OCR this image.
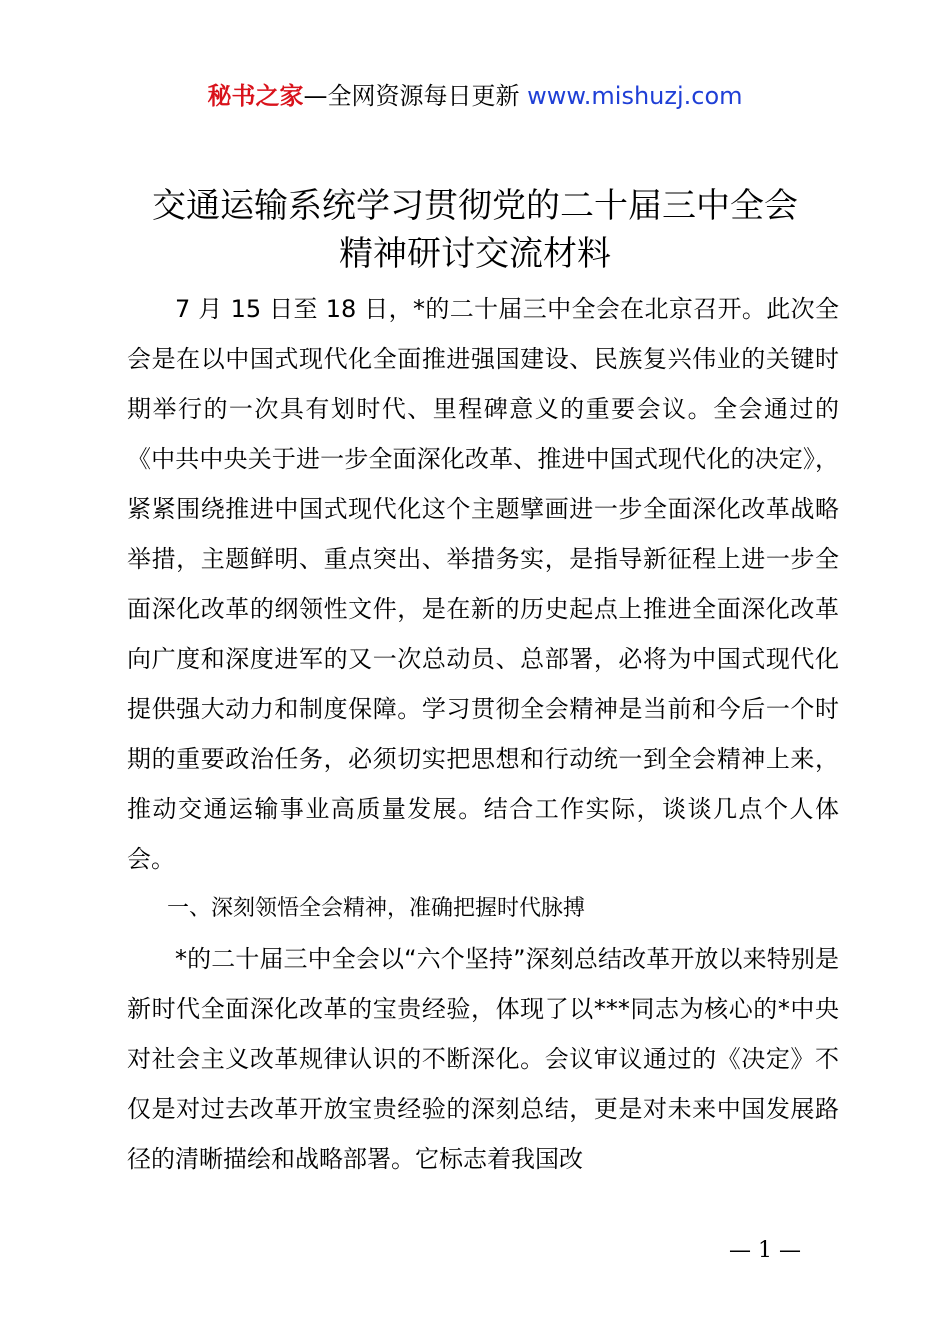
秘书之家—全网资源每日更新 www.mishuzj.com
交通运输系统学习贯彻党的二十届三中全会
精神研讨交流材料

7 月 15 日至 18 日，*的二十届三中全会在北京召开。此次全会是在以中国式现代化全面推进强国建设、民族复兴伟业的关键时期举行的一次具有划时代、里程碑意义的重要会议。全会通过的《中共中央关于进一步全面深化改革、推进中国式现代化的决定》，紧紧围绕推进中国式现代化这个主题擘画进一步全面深化改革战略举措，主题鲜明、重点突出、举措务实，是指导新征程上进一步全面深化改革的纲领性文件，是在新的历史起点上推进全面深化改革向广度和深度进军的又一次总动员、总部署，必将为中国式现代化提供强大动力和制度保障。学习贯彻全会精神是当前和今后一个时期的重要政治任务，必须切实把思想和行动统一到全会精神上来，推动交通运输事业高质量发展。结合工作实际，谈谈几点个人体会。

一、深刻领悟全会精神，准确把握时代脉搏

*的二十届三中全会以“六个坚持”深刻总结改革开放以来特别是新时代全面深化改革的宝贵经验，体现了以***同志为核心的*中央对社会主义改革规律认识的不断深化。会议审议通过的《决定》不仅是对过去改革开放宝贵经验的深刻总结，更是对未来中国发展路径的清晰描绘和战略部署。它标志着我国改

— 1 —
